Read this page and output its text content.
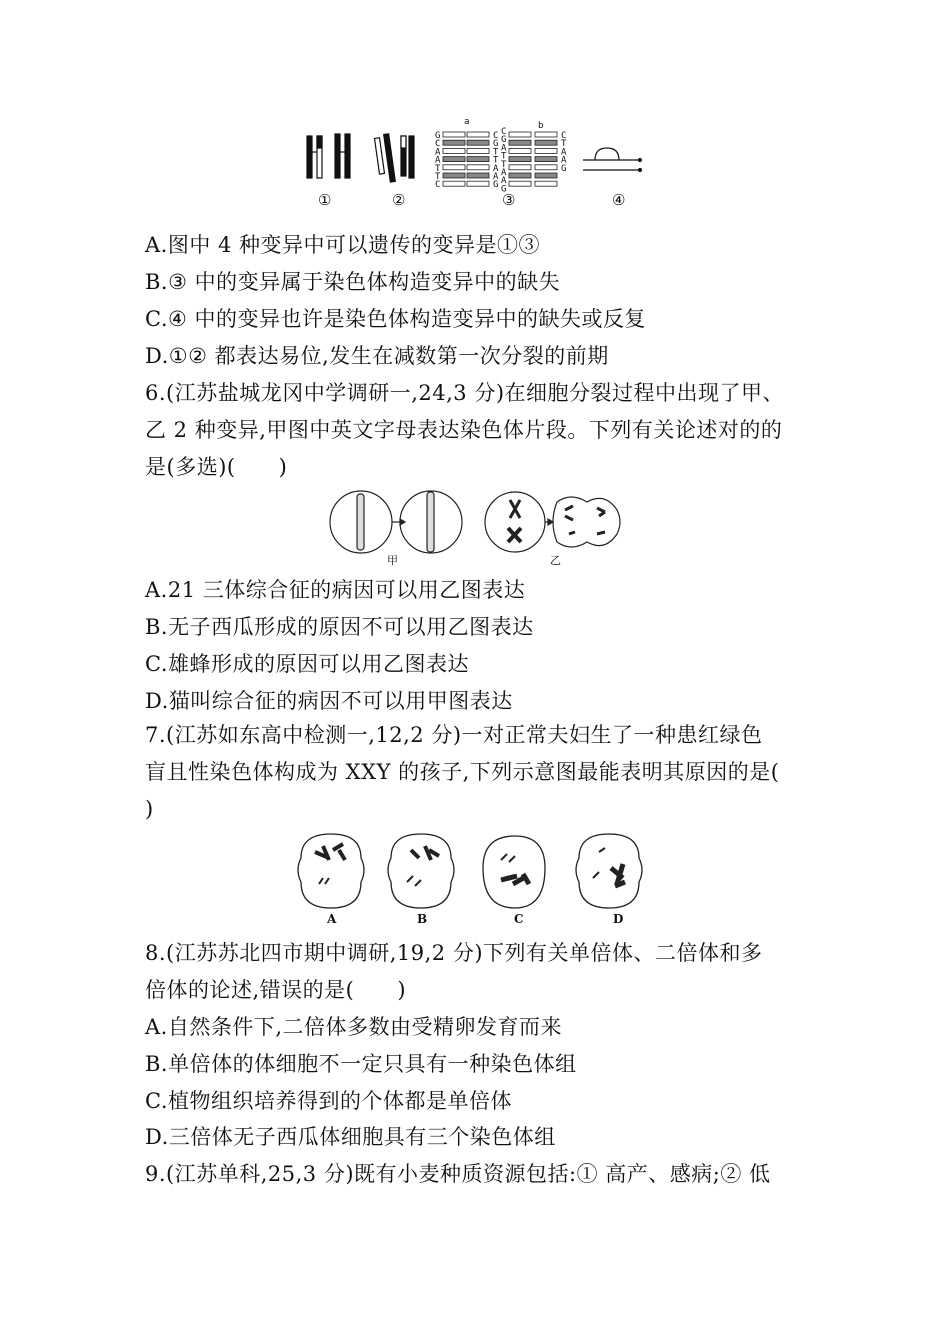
a	b
G
C
A
A
T
T
C
C
G
T
T
A
A
G
C
G
A
T
T
A
A
G
C
T
A
A
G
①	②	③	④
A.图中 4 种变异中可以遗传的变异是①③
B.③ 中的变异属于染色体构造变异中的缺失
C.④ 中的变异也许是染色体构造变异中的缺失或反复
D.①② 都表达易位,发生在减数第一次分裂的前期
6.(江苏盐城龙冈中学调研一,24,3 分)在细胞分裂过程中出现了甲、
乙 2 种变异,甲图中英文字母表达染色体片段。下列有关论述对的的
是(多选)(　　)
甲	乙
A.21 三体综合征的病因可以用乙图表达
B.无子西瓜形成的原因不可以用乙图表达
C.雄蜂形成的原因可以用乙图表达
D.猫叫综合征的病因不可以用甲图表达
7.(江苏如东高中检测一,12,2 分)一对正常夫妇生了一种患红绿色
盲且性染色体构成为 XXY 的孩子,下列示意图最能表明其原因的是(
)
A	B	C	D
8.(江苏苏北四市期中调研,19,2 分)下列有关单倍体、二倍体和多
倍体的论述,错误的是(　　)
A.自然条件下,二倍体多数由受精卵发育而来
B.单倍体的体细胞不一定只具有一种染色体组
C.植物组织培养得到的个体都是单倍体
D.三倍体无子西瓜体细胞具有三个染色体组
9.(江苏单科,25,3 分)既有小麦种质资源包括:① 高产、感病;② 低
